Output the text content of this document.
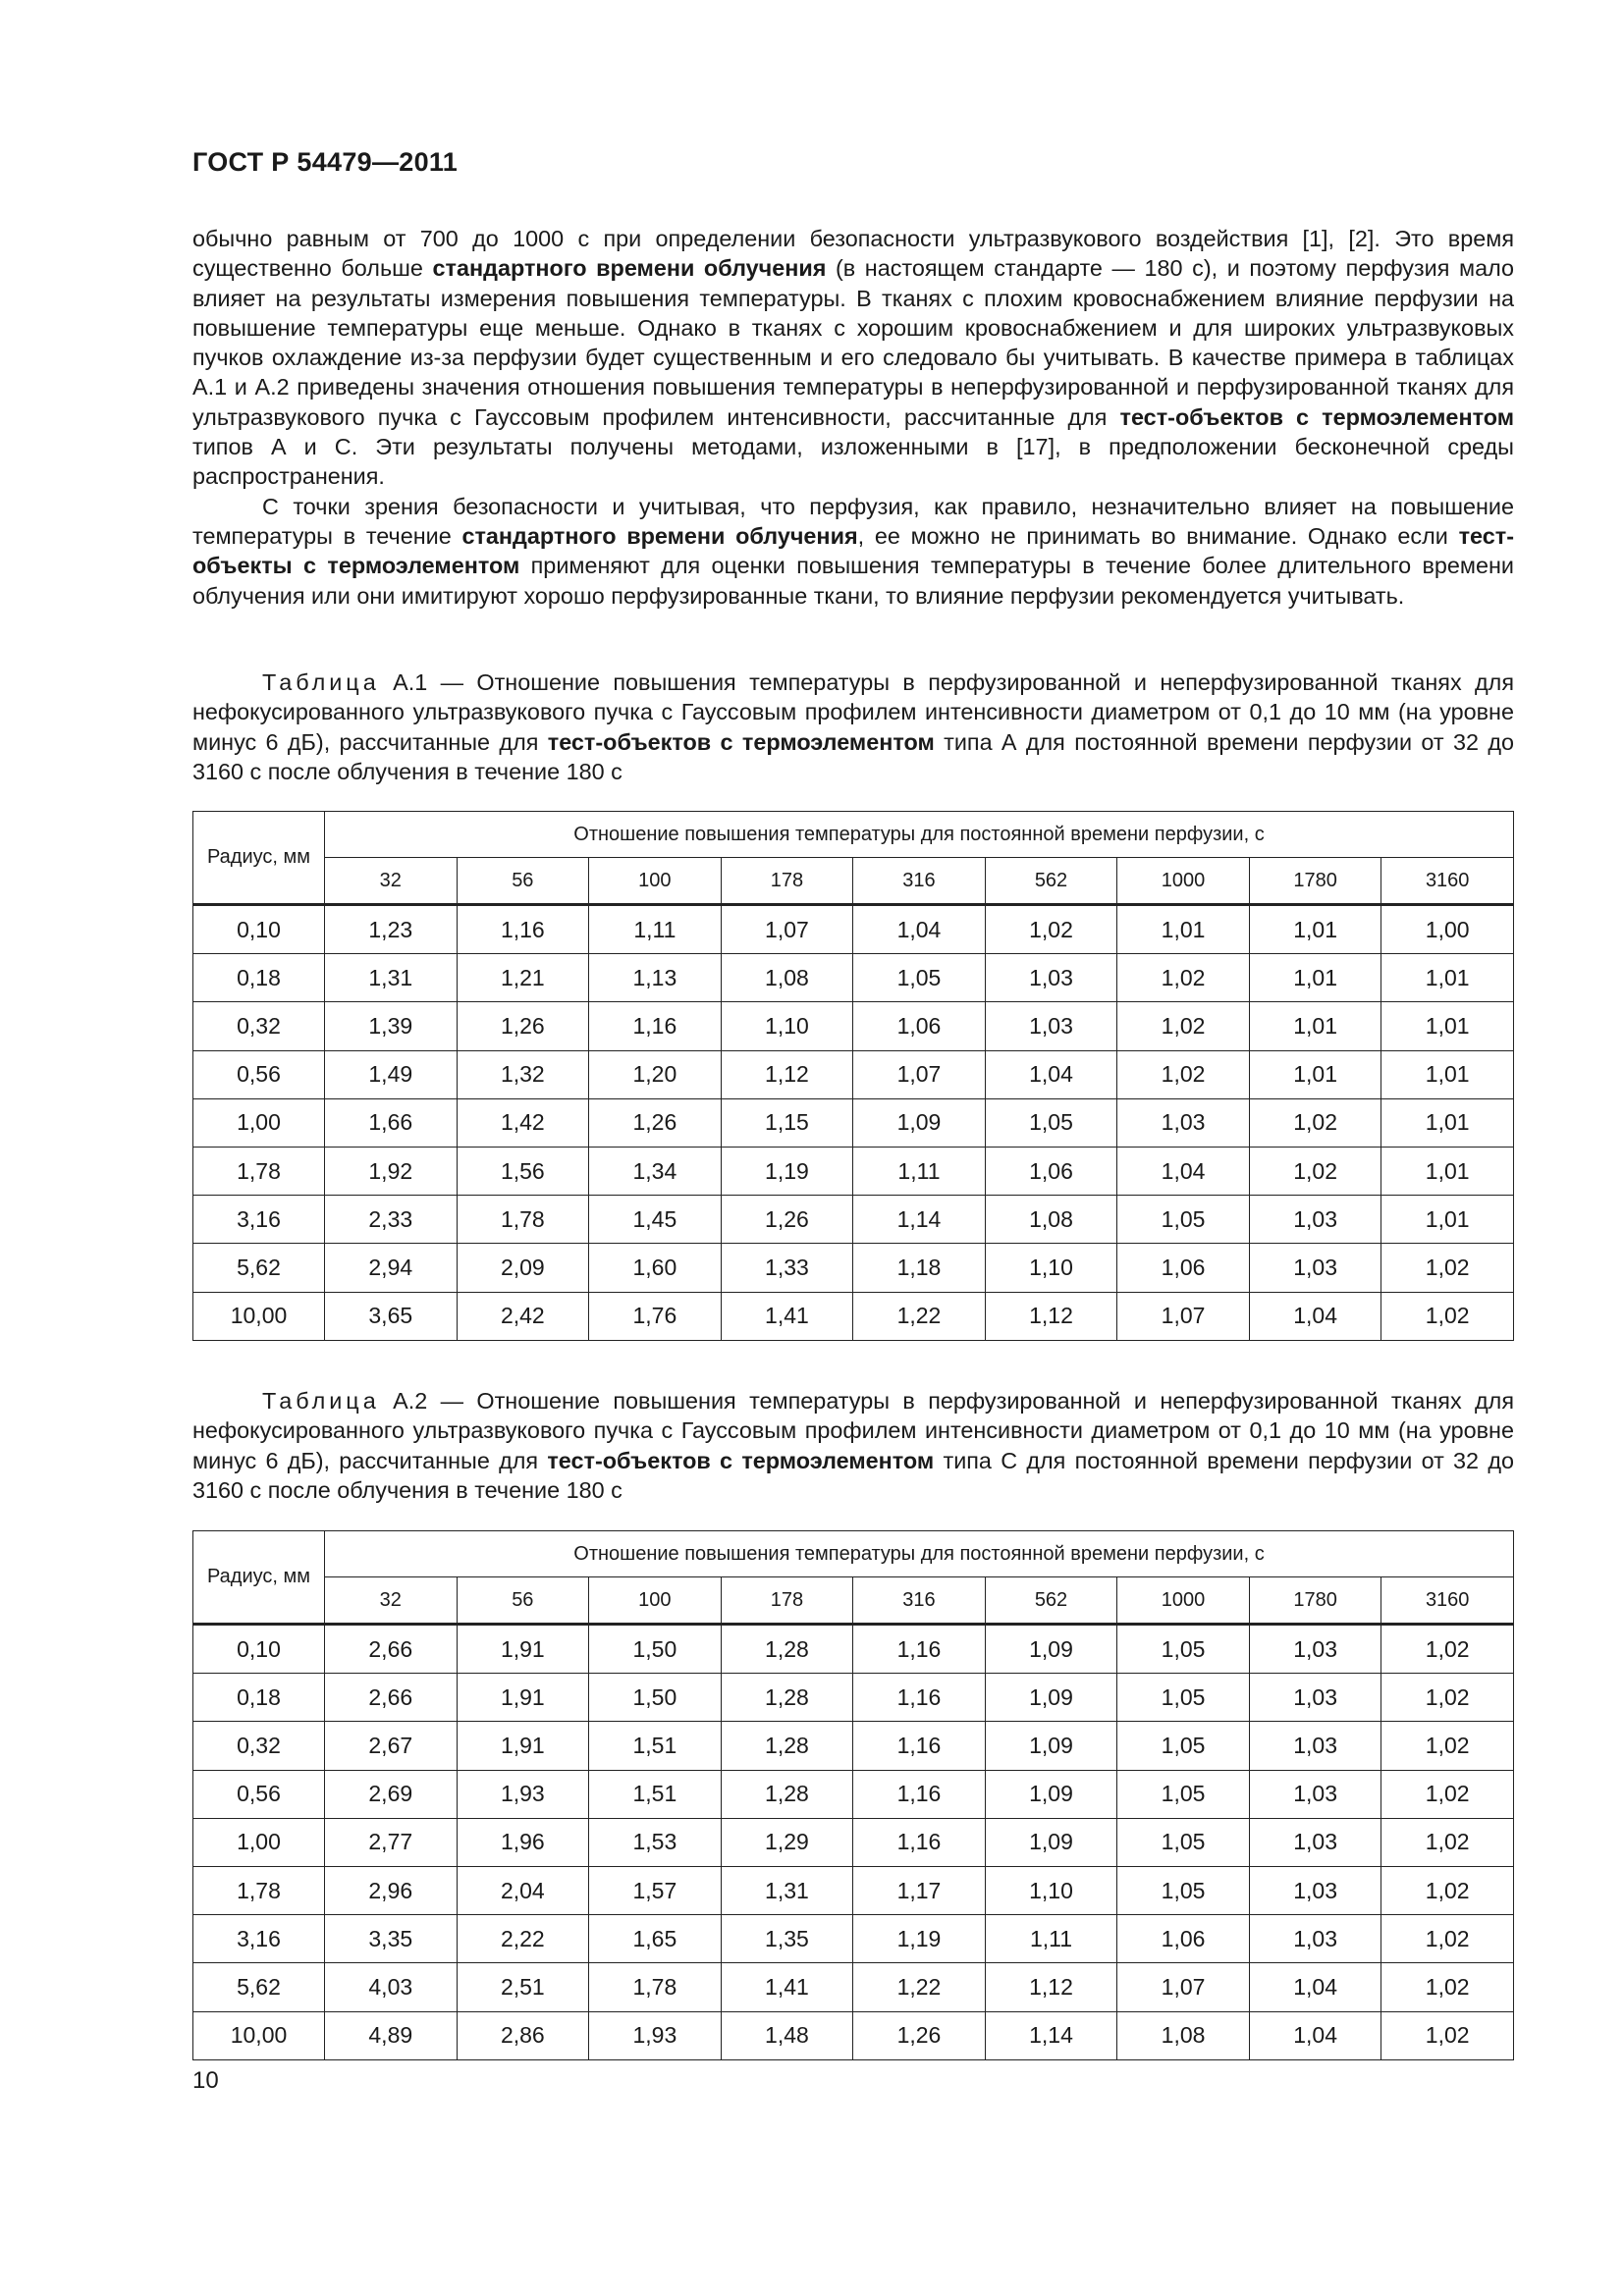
ГОСТ Р 54479—2011

обычно равным от 700 до 1000 с при определении безопасности ультразвукового воздействия [1], [2]. Это время существенно больше стандартного времени облучения (в настоящем стандарте — 180 с), и поэтому перфузия мало влияет на результаты измерения повышения температуры. В тканях с плохим кровоснабжением влияние перфузии на повышение температуры еще меньше. Однако в тканях с хорошим кровоснабжением и для широких ультразвуковых пучков охлаждение из-за перфузии будет существенным и его следовало бы учитывать. В качестве примера в таблицах А.1 и А.2 приведены значения отношения повышения температуры в неперфузированной и перфузированной тканях для ультразвукового пучка с Гауссовым профилем интенсивности, рассчитанные для тест-объектов с термоэлементом типов А и С. Эти результаты получены методами, изложенными в [17], в предположении бесконечной среды распространения.

С точки зрения безопасности и учитывая, что перфузия, как правило, незначительно влияет на повышение температуры в течение стандартного времени облучения, ее можно не принимать во внимание. Однако если тест-объекты с термоэлементом применяют для оценки повышения температуры в течение более длительного времени облучения или они имитируют хорошо перфузированные ткани, то влияние перфузии рекомендуется учитывать.

Таблица А.1 — Отношение повышения температуры в перфузированной и неперфузированной тканях для нефокусированного ультразвукового пучка с Гауссовым профилем интенсивности диаметром от 0,1 до 10 мм (на уровне минус 6 дБ), рассчитанные для тест-объектов с термоэлементом типа А для постоянной времени перфузии от 32 до 3160 с после облучения в течение 180 с

Радиус, мм	Отношение повышения температуры для постоянной времени перфузии, с								
	32	56	100	178	316	562	1000	1780	3160
0,10	1,23	1,16	1,11	1,07	1,04	1,02	1,01	1,01	1,00
0,18	1,31	1,21	1,13	1,08	1,05	1,03	1,02	1,01	1,01
0,32	1,39	1,26	1,16	1,10	1,06	1,03	1,02	1,01	1,01
0,56	1,49	1,32	1,20	1,12	1,07	1,04	1,02	1,01	1,01
1,00	1,66	1,42	1,26	1,15	1,09	1,05	1,03	1,02	1,01
1,78	1,92	1,56	1,34	1,19	1,11	1,06	1,04	1,02	1,01
3,16	2,33	1,78	1,45	1,26	1,14	1,08	1,05	1,03	1,01
5,62	2,94	2,09	1,60	1,33	1,18	1,10	1,06	1,03	1,02
10,00	3,65	2,42	1,76	1,41	1,22	1,12	1,07	1,04	1,02

Таблица А.2 — Отношение повышения температуры в перфузированной и неперфузированной тканях для нефокусированного ультразвукового пучка с Гауссовым профилем интенсивности диаметром от 0,1 до 10 мм (на уровне минус 6 дБ), рассчитанные для тест-объектов с термоэлементом типа С для постоянной времени перфузии от 32 до 3160 с после облучения в течение 180 с

Радиус, мм	Отношение повышения температуры для постоянной времени перфузии, с								
	32	56	100	178	316	562	1000	1780	3160
0,10	2,66	1,91	1,50	1,28	1,16	1,09	1,05	1,03	1,02
0,18	2,66	1,91	1,50	1,28	1,16	1,09	1,05	1,03	1,02
0,32	2,67	1,91	1,51	1,28	1,16	1,09	1,05	1,03	1,02
0,56	2,69	1,93	1,51	1,28	1,16	1,09	1,05	1,03	1,02
1,00	2,77	1,96	1,53	1,29	1,16	1,09	1,05	1,03	1,02
1,78	2,96	2,04	1,57	1,31	1,17	1,10	1,05	1,03	1,02
3,16	3,35	2,22	1,65	1,35	1,19	1,11	1,06	1,03	1,02
5,62	4,03	2,51	1,78	1,41	1,22	1,12	1,07	1,04	1,02
10,00	4,89	2,86	1,93	1,48	1,26	1,14	1,08	1,04	1,02
10
